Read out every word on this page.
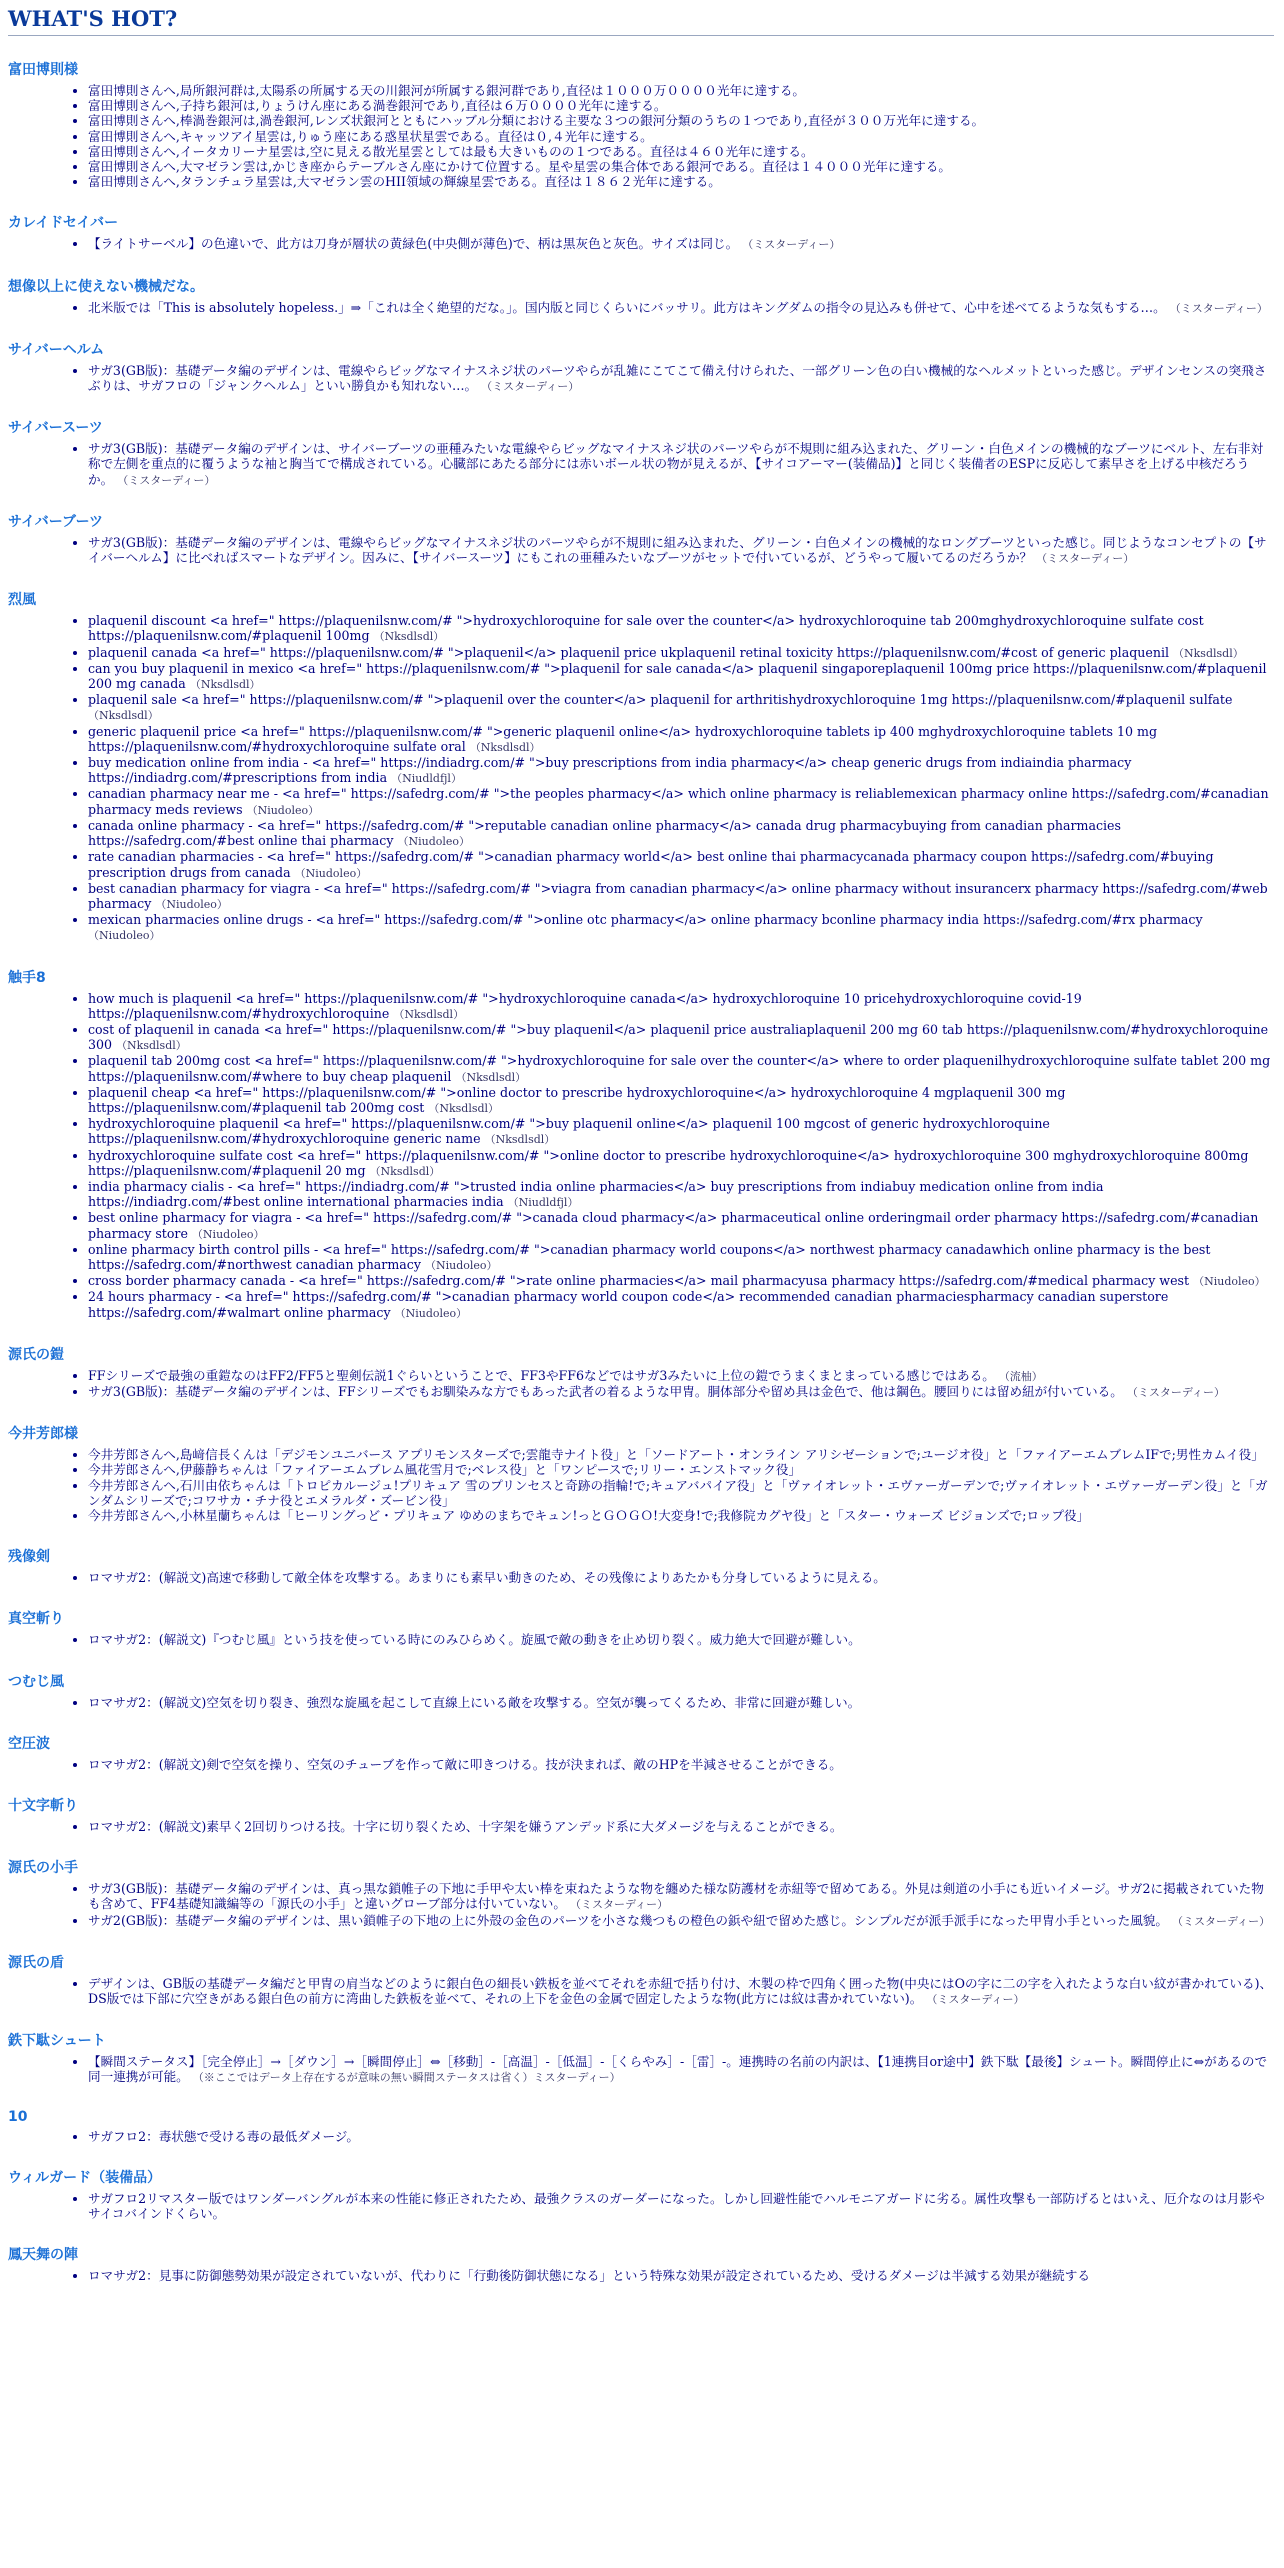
WHAT'S HOT?
富田博則様
• 富田博則さんへ,局所銀河群は,太陽系の所属する天の川銀河が所属する銀河群であり,直径は１０００万００００光年に達する。
• 富田博則さんへ,子持ち銀河は,りょうけん座にある渦巻銀河であり,直径は６万００００光年に達する。
• 富田博則さんへ,棒渦巻銀河は,渦巻銀河,レンズ状銀河とともにハッブル分類における主要な３つの銀河分類のうちの１つであり,直径が３００万光年に達する。
• 富田博則さんへ,キャッツアイ星雲は,りゅう座にある惑星状星雲である。直径は０,４光年に達する。
• 富田博則さんへ,イータカリーナ星雲は,空に見える散光星雲としては最も大きいものの１つである。直径は４６０光年に達する。
• 富田博則さんへ,大マゼラン雲は,かじき座からテーブルさん座にかけて位置する。星や星雲の集合体である銀河である。直径は１４０００光年に達する。
• 富田博則さんへ,タランチュラ星雲は,大マゼラン雲のHII領域の輝線星雲である。直径は１８６２光年に達する。
カレイドセイバー
• 【ライトサーベル】の色違いで、此方は刀身が層状の黄緑色(中央側が薄色)で、柄は黒灰色と灰色。サイズは同じ。 （ミスターディー）
想像以上に使えない機械だな。
• 北米版では「This is absolutely hopeless.」⇒「これは全く絶望的だな。」。国内版と同じくらいにバッサリ。此方はキングダムの指令の見込みも併せて、心中を述べてるような気もする…。 （ミスターディー）
サイバーヘルム
• サガ3(GB版)：基礎データ編のデザインは、電線やらビッグなマイナスネジ状のパーツやらが乱雑にこてこて備え付けられた、一部グリーン色の白い機械的なヘルメットといった感じ。デザインセンスの突飛さぶりは、サガフロの「ジャンクヘルム」といい勝負かも知れない…。 （ミスターディー）
サイバースーツ
• サガ3(GB版)：基礎データ編のデザインは、サイバーブーツの亜種みたいな電線やらビッグなマイナスネジ状のパーツやらが不規則に組み込まれた、グリーン・白色メインの機械的なブーツにベルト、左右非対称で左側を重点的に覆うような袖と胸当てで構成されている。心臓部にあたる部分には赤いボール状の物が見えるが、【サイコアーマー(装備品)】と同じく装備者のESPに反応して素早さを上げる中核だろうか。 （ミスターディー）
サイバーブーツ
• サガ3(GB版)：基礎データ編のデザインは、電線やらビッグなマイナスネジ状のパーツやらが不規則に組み込まれた、グリーン・白色メインの機械的なロングブーツといった感じ。同じようなコンセプトの【サイバーヘルム】に比べればスマートなデザイン。因みに、【サイバースーツ】にもこれの亜種みたいなブーツがセットで付いているが、どうやって履いてるのだろうか？ （ミスターディー）
烈風
• plaquenil discount <a href=" https://plaquenilsnw.com/# ">hydroxychloroquine for sale over the counter</a> hydroxychloroquine tab 200mghydroxychloroquine sulfate cost https://plaquenilsnw.com/#plaquenil 100mg （Nksdlsdl）
• plaquenil canada <a href=" https://plaquenilsnw.com/# ">plaquenil</a> plaquenil price ukplaquenil retinal toxicity https://plaquenilsnw.com/#cost of generic plaquenil （Nksdlsdl）
• can you buy plaquenil in mexico <a href=" https://plaquenilsnw.com/# ">plaquenil for sale canada</a> plaquenil singaporeplaquenil 100mg price https://plaquenilsnw.com/#plaquenil 200 mg canada （Nksdlsdl）
• plaquenil sale <a href=" https://plaquenilsnw.com/# ">plaquenil over the counter</a> plaquenil for arthritishydroxychloroquine 1mg https://plaquenilsnw.com/#plaquenil sulfate （Nksdlsdl）
• generic plaquenil price <a href=" https://plaquenilsnw.com/# ">generic plaquenil online</a> hydroxychloroquine tablets ip 400 mghydroxychloroquine tablets 10 mg https://plaquenilsnw.com/#hydroxychloroquine sulfate oral （Nksdlsdl）
• buy medication online from india - <a href=" https://indiadrg.com/# ">buy prescriptions from india pharmacy</a> cheap generic drugs from indiaindia pharmacy https://indiadrg.com/#prescriptions from india （Niudldfjl）
• canadian pharmacy near me - <a href=" https://safedrg.com/# ">the peoples pharmacy</a> which online pharmacy is reliablemexican pharmacy online https://safedrg.com/#canadian pharmacy meds reviews （Niudoleo）
• canada online pharmacy - <a href=" https://safedrg.com/# ">reputable canadian online pharmacy</a> canada drug pharmacybuying from canadian pharmacies https://safedrg.com/#best online thai pharmacy （Niudoleo）
• rate canadian pharmacies - <a href=" https://safedrg.com/# ">canadian pharmacy world</a> best online thai pharmacycanada pharmacy coupon https://safedrg.com/#buying prescription drugs from canada （Niudoleo）
• best canadian pharmacy for viagra - <a href=" https://safedrg.com/# ">viagra from canadian pharmacy</a> online pharmacy without insurancerx pharmacy https://safedrg.com/#web pharmacy （Niudoleo）
• mexican pharmacies online drugs - <a href=" https://safedrg.com/# ">online otc pharmacy</a> online pharmacy bconline pharmacy india https://safedrg.com/#rx pharmacy （Niudoleo）
触手8
• how much is plaquenil <a href=" https://plaquenilsnw.com/# ">hydroxychloroquine canada</a> hydroxychloroquine 10 pricehydroxychloroquine covid-19 https://plaquenilsnw.com/#hydroxychloroquine （Nksdlsdl）
• cost of plaquenil in canada <a href=" https://plaquenilsnw.com/# ">buy plaquenil</a> plaquenil price australiaplaquenil 200 mg 60 tab https://plaquenilsnw.com/#hydroxychloroquine 300 （Nksdlsdl）
• plaquenil tab 200mg cost <a href=" https://plaquenilsnw.com/# ">hydroxychloroquine for sale over the counter</a> where to order plaquenilhydroxychloroquine sulfate tablet 200 mg https://plaquenilsnw.com/#where to buy cheap plaquenil （Nksdlsdl）
• plaquenil cheap <a href=" https://plaquenilsnw.com/# ">online doctor to prescribe hydroxychloroquine</a> hydroxychloroquine 4 mgplaquenil 300 mg https://plaquenilsnw.com/#plaquenil tab 200mg cost （Nksdlsdl）
• hydroxychloroquine plaquenil <a href=" https://plaquenilsnw.com/# ">buy plaquenil online</a> plaquenil 100 mgcost of generic hydroxychloroquine https://plaquenilsnw.com/#hydroxychloroquine generic name （Nksdlsdl）
• hydroxychloroquine sulfate cost <a href=" https://plaquenilsnw.com/# ">online doctor to prescribe hydroxychloroquine</a> hydroxychloroquine 300 mghydroxychloroquine 800mg https://plaquenilsnw.com/#plaquenil 20 mg （Nksdlsdl）
• india pharmacy cialis - <a href=" https://indiadrg.com/# ">trusted india online pharmacies</a> buy prescriptions from indiabuy medication online from india https://indiadrg.com/#best online international pharmacies india （Niudldfjl）
• best online pharmacy for viagra - <a href=" https://safedrg.com/# ">canada cloud pharmacy</a> pharmaceutical online orderingmail order pharmacy https://safedrg.com/#canadian pharmacy store （Niudoleo）
• online pharmacy birth control pills - <a href=" https://safedrg.com/# ">canadian pharmacy world coupons</a> northwest pharmacy canadawhich online pharmacy is the best https://safedrg.com/#northwest canadian pharmacy （Niudoleo）
• cross border pharmacy canada - <a href=" https://safedrg.com/# ">rate online pharmacies</a> mail pharmacyusa pharmacy https://safedrg.com/#medical pharmacy west （Niudoleo）
• 24 hours pharmacy - <a href=" https://safedrg.com/# ">canadian pharmacy world coupon code</a> recommended canadian pharmaciespharmacy canadian superstore https://safedrg.com/#walmart online pharmacy （Niudoleo）
源氏の鎧
• FFシリーズで最強の重鎧なのはFF2/FF5と聖剣伝説1ぐらいということで、FF3やFF6などではサガ3みたいに上位の鎧でうまくまとまっている感じではある。 （流柚）
• サガ3(GB版)：基礎データ編のデザインは、FFシリーズでもお馴染みな方でもあった武者の着るような甲冑。胴体部分や留め具は金色で、他は鋼色。腰回りには留め紐が付いている。 （ミスターディー）
今井芳郎様
• 今井芳郎さんへ,島﨑信長くんは「デジモンユニバース アプリモンスターズで;雲龍寺ナイト役」と「ソードアート・オンライン アリシゼーションで;ユージオ役」と「ファイアーエムブレムIFで;男性カムイ役」
• 今井芳郎さんへ,伊藤静ちゃんは「ファイアーエムブレム風花雪月で;ベレス役」と「ワンピースで;リリー・エンストマック役」
• 今井芳郎さんへ,石川由依ちゃんは「トロピカルージュ!プリキュア 雪のプリンセスと奇跡の指輪!で;キュアバパイア役」と「ヴァイオレット・エヴァーガーデンで;ヴァイオレット・エヴァーガーデン役」と「ガンダムシリーズで;コワサカ・チナ役とエメラルダ・ズービン役」
• 今井芳郎さんへ,小林星蘭ちゃんは「ヒーリングっど・プリキュア ゆめのまちでキュン!っとＧＯＧＯ!大変身!で;我修院カグヤ役」と「スター・ウォーズ ビジョンズで;ロップ役」
残像剣
• ロマサガ2：(解説文)高速で移動して敵全体を攻撃する。あまりにも素早い動きのため、その残像によりあたかも分身しているように見える。
真空斬り
• ロマサガ2：(解説文)『つむじ風』という技を使っている時にのみひらめく。旋風で敵の動きを止め切り裂く。威力絶大で回避が難しい。
つむじ風
• ロマサガ2：(解説文)空気を切り裂き、強烈な旋風を起こして直線上にいる敵を攻撃する。空気が襲ってくるため、非常に回避が難しい。
空圧波
• ロマサガ2：(解説文)剣で空気を操り、空気のチューブを作って敵に叩きつける。技が決まれば、敵のHPを半減させることができる。
十文字斬り
• ロマサガ2：(解説文)素早く2回切りつける技。十字に切り裂くため、十字架を嫌うアンデッド系に大ダメージを与えることができる。
源氏の小手
• サガ3(GB版)：基礎データ編のデザインは、真っ黒な鎖帷子の下地に手甲や太い棒を束ねたような物を纏めた様な防護材を赤紐等で留めてある。外見は剣道の小手にも近いイメージ。サガ2に掲載されていた物も含めて、FF4基礎知識編等の「源氏の小手」と違いグローブ部分は付いていない。 （ミスターディー）
• サガ2(GB版)：基礎データ編のデザインは、黒い鎖帷子の下地の上に外殻の金色のパーツを小さな幾つもの橙色の鋲や紐で留めた感じ。シンプルだが派手派手になった甲冑小手といった風貌。 （ミスターディー）
源氏の盾
• デザインは、GB版の基礎データ編だと甲冑の肩当などのように銀白色の細長い鉄板を並べてそれを赤紐で括り付け、木製の枠で四角く囲った物(中央にはOの字に二の字を入れたような白い紋が書かれている)、DS版では下部に穴空きがある銀白色の前方に湾曲した鉄板を並べて、それの上下を金色の金属で固定したような物(此方には紋は書かれていない)。 （ミスターディー）
鉄下駄シュート
• 【瞬間ステータス】［完全停止］→［ダウン］→［瞬間停止］⇔［移動］-［高温］-［低温］-［くらやみ］-［雷］-。連携時の名前の内訳は、【1連携目or途中】鉄下駄【最後】シュート。瞬間停止に⇔があるので同一連携が可能。 （※ここではデータ上存在するが意味の無い瞬間ステータスは省く）ミスターディー）
10
• サガフロ2：毒状態で受ける毒の最低ダメージ。
ウィルガード（装備品）
• サガフロ2リマスター版ではワンダーバングルが本来の性能に修正されたため、最強クラスのガーダーになった。しかし回避性能でハルモニアガードに劣る。属性攻撃も一部防げるとはいえ、厄介なのは月影やサイコバインドくらい。
鳳天舞の陣
• ロマサガ2：見事に防御態勢効果が設定されていないが、代わりに「行動後防御状態になる」という特殊な効果が設定されているため、受けるダメージは半減する効果が継続する
